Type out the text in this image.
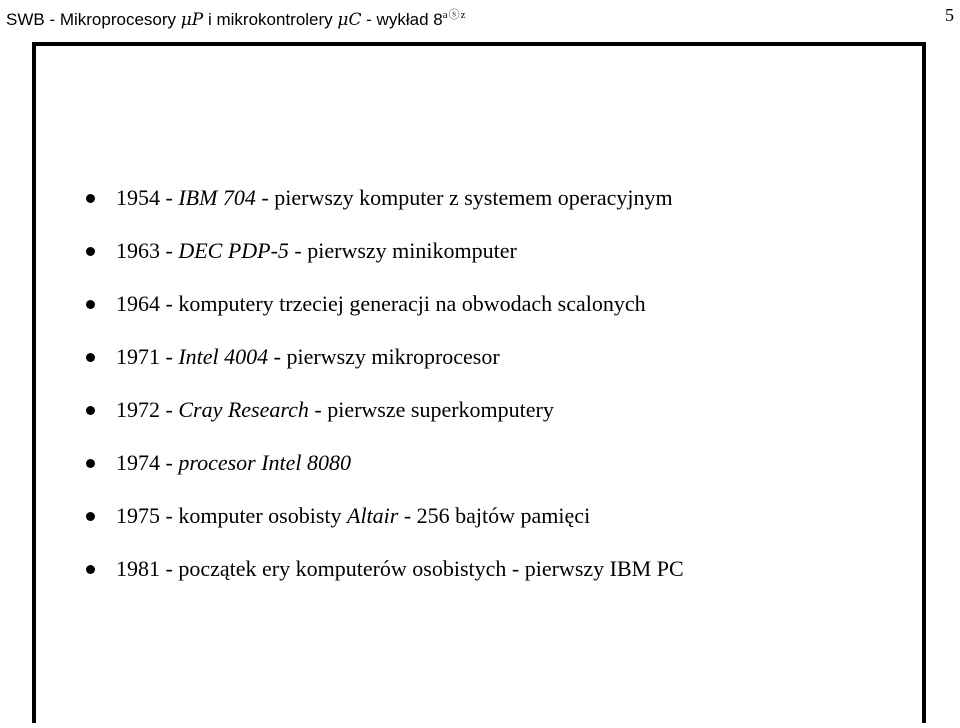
SWB - Mikroprocesory μP i mikrokontrolery μC - wykład $8^{aⓢz}$	5
1954 - IBM 704 - pierwszy komputer z systemem operacyjnym
1963 - DEC PDP-5 - pierwszy minikomputer
1964 - komputery trzeciej generacji na obwodach scalonych
1971 - Intel 4004 - pierwszy mikroprocesor
1972 - Cray Research - pierwsze superkomputery
1974 - procesor Intel 8080
1975 - komputer osobisty Altair - 256 bajtów pamięci
1981 - początek ery komputerów osobistych - pierwszy IBM PC
